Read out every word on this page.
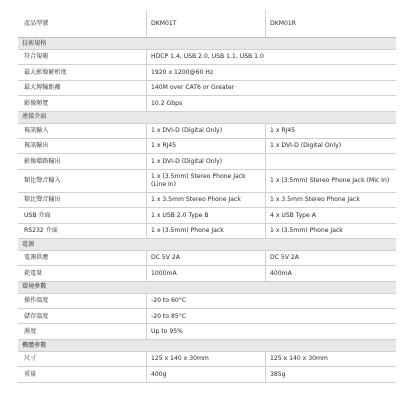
產品型號	DKM01T	DKM01R
技術規格		
符合規範	HDCP 1.4, USB 2.0, USB 1.1, USB 1.0	
最大影像解析度	1920 x 1200@60 Hz	
最大傳輸距離	140M over CAT6 or Greater	
影像頻寬	10.2 Gbps	
連接介面		
視訊輸入	1 x DVI-D (Digital Only)	1 x RJ45
視訊輸出	1 x RJ45	1 x DVI-D (Digital Only)
影像環路輸出	1 x DVI-D (Digital Only)	
類比聲音輸入	1 x (3.5mm) Stereo Phone Jack (Line In)	1 x (3.5mm) Stereo Phone Jack (Mic In)
類比聲音輸出	1 x 3.5mm Stereo Phone Jack	1 x 3.5mm Stereo Phone Jack
USB 介面	1 x USB 2.0 Type B	4 x USB Type A
RS232 介面	1 x (3.5mm) Phone Jack	1 x (3.5mm) Phone Jack
電源		
電源供應	DC 5V 2A	DC 5V 2A
耗電量	1000mA	400mA
環境參數		
操作溫度	-20 to 60°C	
儲存溫度	-20 to 85°C	
濕度	Up to 95%	
機體參數		
尺寸	125 x 140 x 30mm	125 x 140 x 30mm
重量	400g	385g
